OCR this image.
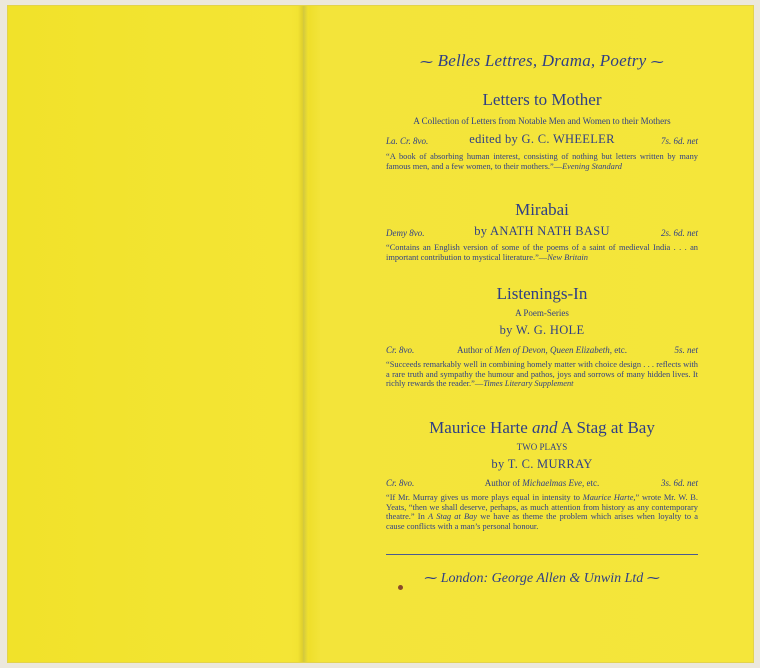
⁓ Belles Lettres, Drama, Poetry ⁓
Letters to Mother
A Collection of Letters from Notable Men and Women to their Mothers
La. Cr. 8vo.	edited by G. C. WHEELER	7s. 6d. net
“A book of absorbing human interest, consisting of nothing but letters written by many famous men, and a few women, to their mothers.”—Evening Standard
Mirabai
Demy 8vo.	by ANATH NATH BASU	2s. 6d. net
“Contains an English version of some of the poems of a saint of medieval India . . . an important contribution to mystical literature.”—New Britain
Listenings-In
A Poem-Series
by W. G. HOLE
Cr. 8vo.	Author of Men of Devon, Queen Elizabeth, etc.	5s. net
“Succeeds remarkably well in combining homely matter with choice design . . . reflects with a rare truth and sympathy the humour and pathos, joys and sorrows of many hidden lives. It richly rewards the reader.”—Times Literary Supplement
Maurice Harte and A Stag at Bay
TWO PLAYS
by T. C. MURRAY
Cr. 8vo.	Author of Michaelmas Eve, etc.	3s. 6d. net
“If Mr. Murray gives us more plays equal in intensity to Maurice Harte,” wrote Mr. W. B. Yeats, “then we shall deserve, perhaps, as much attention from history as any contemporary theatre.” In A Stag at Bay we have as theme the problem which arises when loyalty to a cause conflicts with a man’s personal honour.
⁓ London: George Allen & Unwin Ltd ⁓
